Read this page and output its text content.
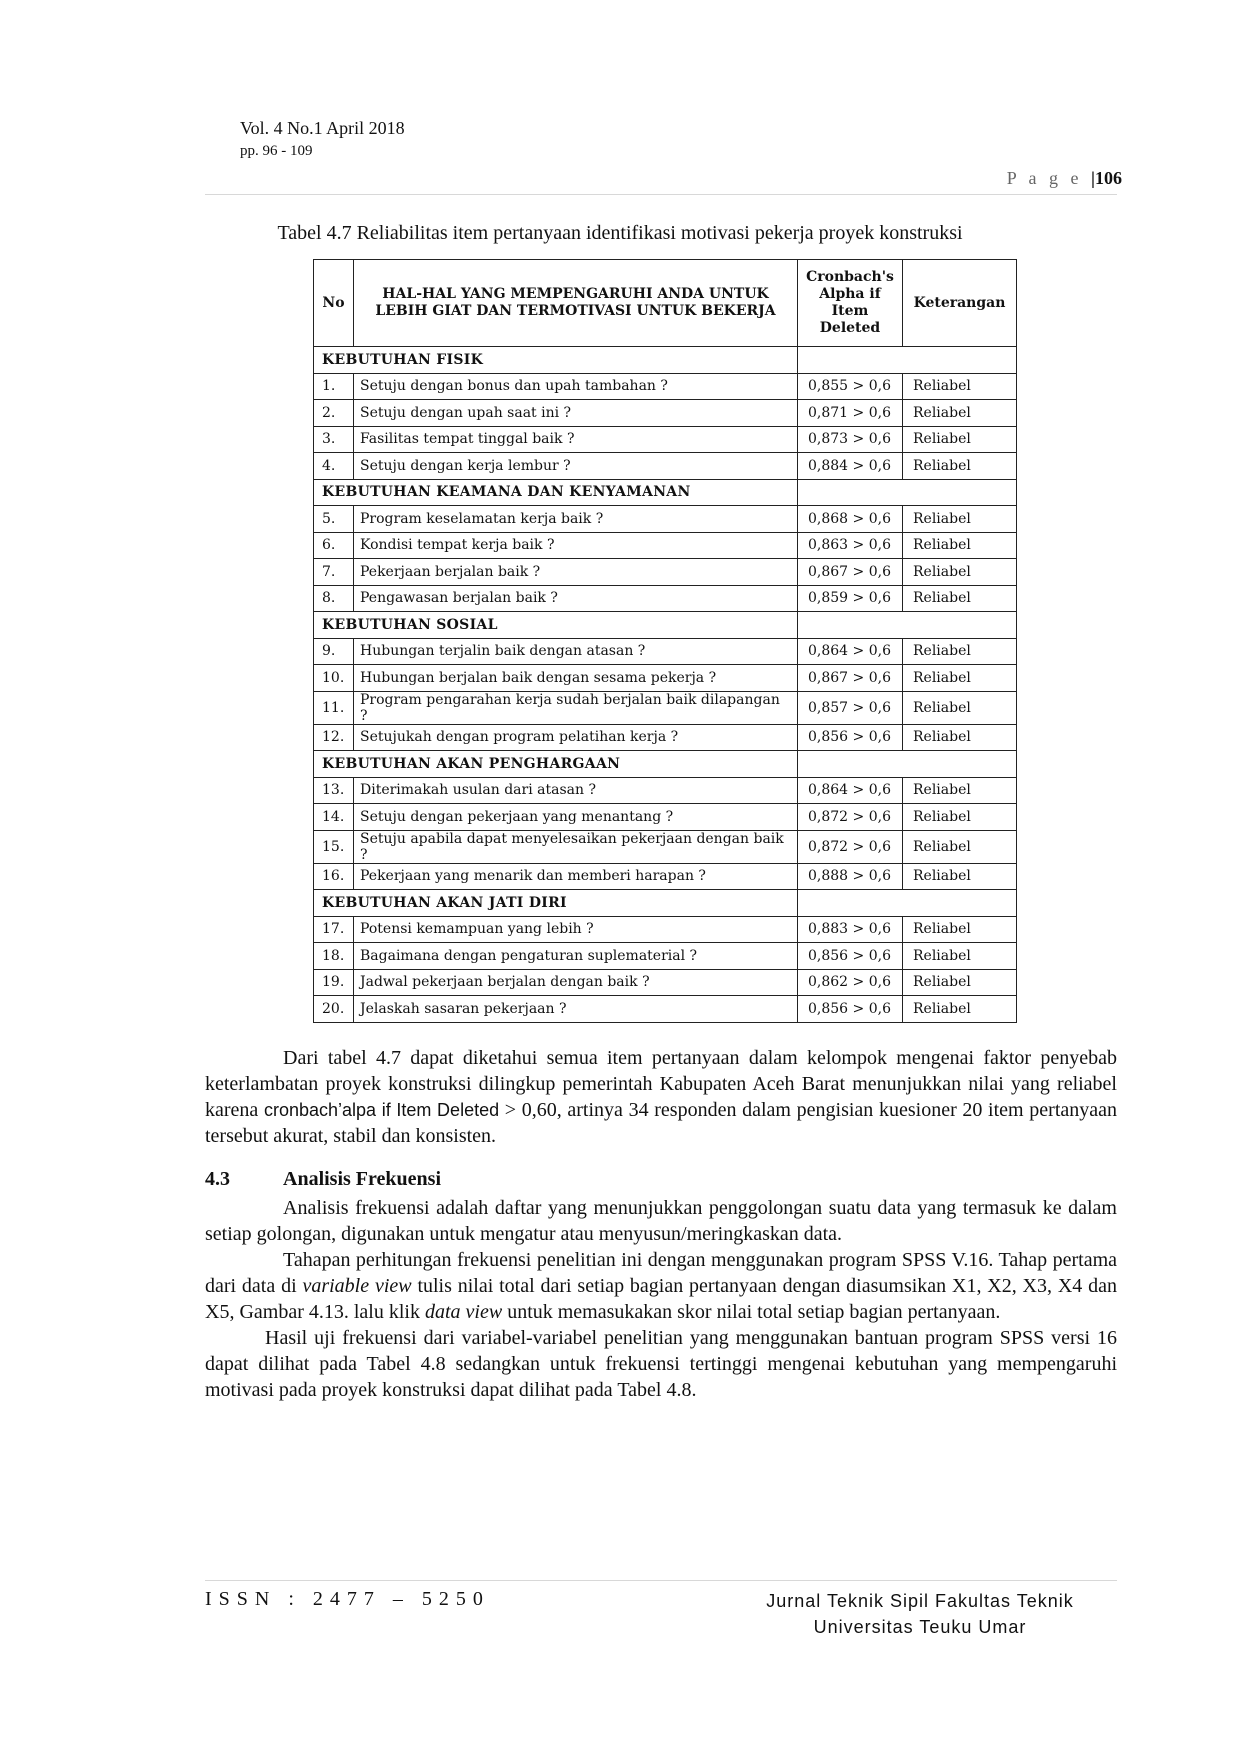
Vol. 4 No.1 April 2018
pp. 96 - 109
P a g e |106
Tabel 4.7 Reliabilitas item pertanyaan identifikasi motivasi pekerja proyek konstruksi
No	HAL-HAL YANG MEMPENGARUHI ANDA UNTUK LEBIH GIAT DAN TERMOTIVASI UNTUK BEKERJA	Cronbach's Alpha if Item Deleted	Keterangan
KEBUTUHAN FISIK			
1.	Setuju dengan bonus dan upah tambahan ?	0,855 > 0,6	Reliabel
2.	Setuju dengan upah saat ini ?	0,871 > 0,6	Reliabel
3.	Fasilitas tempat tinggal baik ?	0,873 > 0,6	Reliabel
4.	Setuju dengan kerja lembur ?	0,884 > 0,6	Reliabel
KEBUTUHAN KEAMANA DAN KENYAMANAN			
5.	Program keselamatan kerja baik ?	0,868 > 0,6	Reliabel
6.	Kondisi tempat kerja baik ?	0,863 > 0,6	Reliabel
7.	Pekerjaan berjalan baik ?	0,867 > 0,6	Reliabel
8.	Pengawasan berjalan baik ?	0,859 > 0,6	Reliabel
KEBUTUHAN SOSIAL			
9.	Hubungan terjalin baik dengan atasan ?	0,864 > 0,6	Reliabel
10.	Hubungan berjalan baik dengan sesama pekerja ?	0,867 > 0,6	Reliabel
11.	Program pengarahan kerja sudah berjalan baik dilapangan ?	0,857 > 0,6	Reliabel
12.	Setujukah dengan program pelatihan kerja ?	0,856 > 0,6	Reliabel
KEBUTUHAN AKAN PENGHARGAAN			
13.	Diterimakah usulan dari atasan ?	0,864 > 0,6	Reliabel
14.	Setuju dengan pekerjaan yang menantang ?	0,872 > 0,6	Reliabel
15.	Setuju apabila dapat menyelesaikan pekerjaan dengan baik ?	0,872 > 0,6	Reliabel
16.	Pekerjaan yang menarik dan memberi harapan ?	0,888 > 0,6	Reliabel
KEBUTUHAN AKAN JATI DIRI			
17.	Potensi kemampuan yang lebih ?	0,883 > 0,6	Reliabel
18.	Bagaimana dengan pengaturan suplematerial ?	0,856 > 0,6	Reliabel
19.	Jadwal pekerjaan berjalan dengan baik ?	0,862 > 0,6	Reliabel
20.	Jelaskah sasaran pekerjaan ?	0,856 > 0,6	Reliabel

Dari tabel 4.7 dapat diketahui semua item pertanyaan dalam kelompok mengenai faktor penyebab keterlambatan proyek konstruksi dilingkup pemerintah Kabupaten Aceh Barat menunjukkan nilai yang reliabel karena cronbach’alpa if Item Deleted > 0,60, artinya 34 responden dalam pengisian kuesioner 20 item pertanyaan tersebut akurat, stabil dan konsisten.

4.3	Analisis Frekuensi

Analisis frekuensi adalah daftar yang menunjukkan penggolongan suatu data yang termasuk ke dalam setiap golongan, digunakan untuk mengatur atau menyusun/meringkaskan data.

Tahapan perhitungan frekuensi penelitian ini dengan menggunakan program SPSS V.16. Tahap pertama dari data di variable view tulis nilai total dari setiap bagian pertanyaan dengan diasumsikan X1, X2, X3, X4 dan X5, Gambar 4.13. lalu klik data view untuk memasukakan skor nilai total setiap bagian pertanyaan.

Hasil uji frekuensi dari variabel-variabel penelitian yang menggunakan bantuan program SPSS versi 16 dapat dilihat pada Tabel 4.8 sedangkan untuk frekuensi tertinggi mengenai kebutuhan yang mempengaruhi motivasi pada proyek konstruksi dapat dilihat pada Tabel 4.8.

ISSN : 2477 – 5250	Jurnal Teknik Sipil Fakultas Teknik
Universitas Teuku Umar
